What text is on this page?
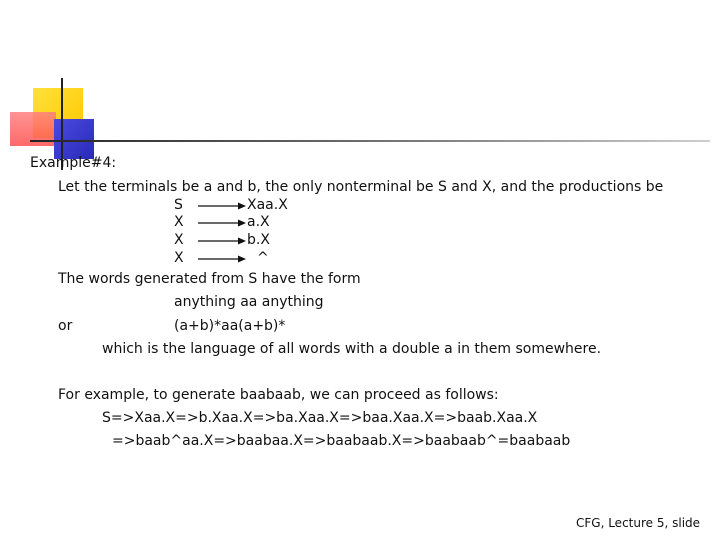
Example#4:
Let the terminals be a and b, the only nonterminal be S and X, and the productions be
S	Xaa.X
X	a.X
X	b.X
X	^
The words generated from S have the form
anything aa anything
or	(a+b)*aa(a+b)*
which is the language of all words with a double a in them somewhere.
For example, to generate baabaab, we can proceed as follows:
S=>Xaa.X=>b.Xaa.X=>ba.Xaa.X=>baa.Xaa.X=>baab.Xaa.X
=>baab^aa.X=>baabaa.X=>baabaab.X=>baabaab^=baabaab
CFG, Lecture 5, slide
